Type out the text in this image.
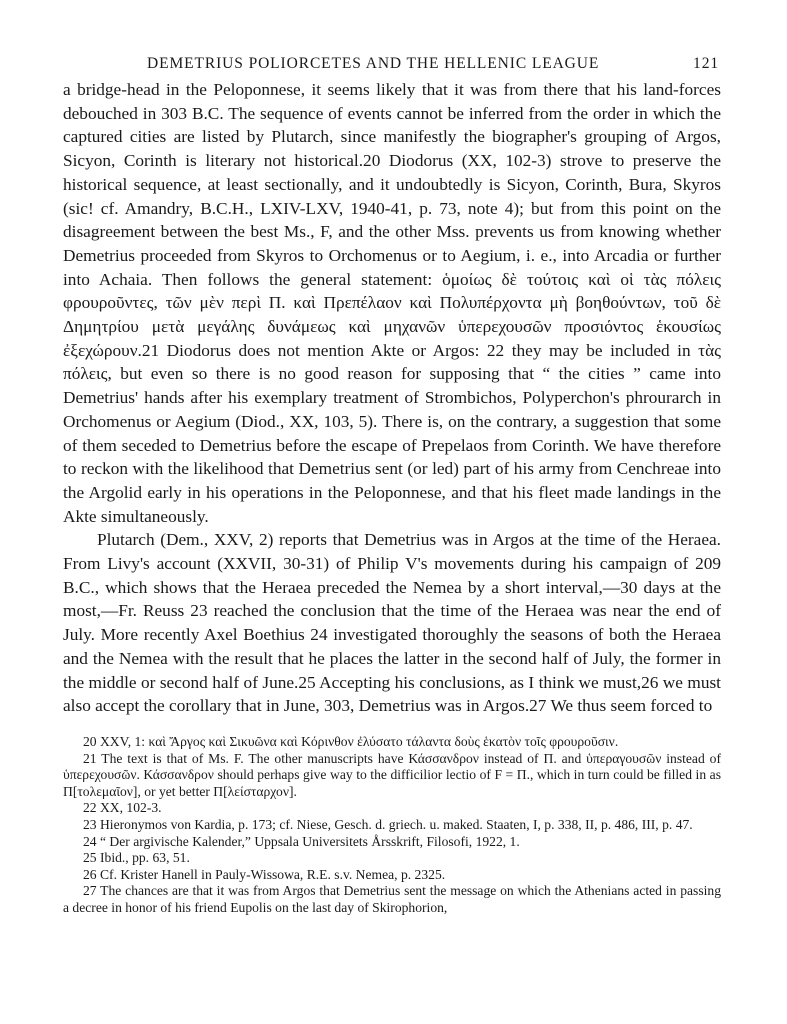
DEMETRIUS POLIORCETES AND THE HELLENIC LEAGUE	121

a bridge-head in the Peloponnese, it seems likely that it was from there that his land-forces debouched in 303 B.C. The sequence of events cannot be inferred from the order in which the captured cities are listed by Plutarch, since manifestly the biographer's grouping of Argos, Sicyon, Corinth is literary not historical.20 Diodorus (XX, 102-3) strove to preserve the historical sequence, at least sectionally, and it undoubtedly is Sicyon, Corinth, Bura, Skyros (sic! cf. Amandry, B.C.H., LXIV-LXV, 1940-41, p. 73, note 4); but from this point on the disagreement between the best Ms., F, and the other Mss. prevents us from knowing whether Demetrius proceeded from Skyros to Orchomenus or to Aegium, i. e., into Arcadia or further into Achaia. Then follows the general statement: ὁμοίως δὲ τούτοις καὶ οἱ τὰς πόλεις φρουροῦντες, τῶν μὲν περὶ Π. καὶ Πρεπέλαον καὶ Πολυπέρχοντα μὴ βοηθούντων, τοῦ δὲ Δημητρίου μετὰ μεγάλης δυνάμεως καὶ μηχανῶν ὑπερεχουσῶν προσιόντος ἑκουσίως ἐξεχώρουν.21 Diodorus does not mention Akte or Argos: 22 they may be included in τὰς πόλεις, but even so there is no good reason for supposing that “ the cities ” came into Demetrius' hands after his exemplary treatment of Strombichos, Polyperchon's phrourarch in Orchomenus or Aegium (Diod., XX, 103, 5). There is, on the contrary, a suggestion that some of them seceded to Demetrius before the escape of Prepelaos from Corinth. We have therefore to reckon with the likelihood that Demetrius sent (or led) part of his army from Cenchreae into the Argolid early in his operations in the Peloponnese, and that his fleet made landings in the Akte simultaneously.

Plutarch (Dem., XXV, 2) reports that Demetrius was in Argos at the time of the Heraea. From Livy's account (XXVII, 30-31) of Philip V's movements during his campaign of 209 B.C., which shows that the Heraea preceded the Nemea by a short interval,—30 days at the most,—Fr. Reuss 23 reached the conclusion that the time of the Heraea was near the end of July. More recently Axel Boethius 24 investigated thoroughly the seasons of both the Heraea and the Nemea with the result that he places the latter in the second half of July, the former in the middle or second half of June.25 Accepting his conclusions, as I think we must,26 we must also accept the corollary that in June, 303, Demetrius was in Argos.27 We thus seem forced to

20 XXV, 1: καὶ Ἄργος καὶ Σικυῶνα καὶ Κόρινθον ἐλύσατο τάλαντα δοὺς ἑκατὸν τοῖς φρουροῦσιν.

21 The text is that of Ms. F. The other manuscripts have Κάσσανδρον instead of Π. and ὑπεραγουσῶν instead of ὑπερεχουσῶν. Κάσσανδρον should perhaps give way to the difficilior lectio of F = Π., which in turn could be filled in as Π[τολεμαῖον], or yet better Π[λείσταρχον].

22 XX, 102-3.

23 Hieronymos von Kardia, p. 173; cf. Niese, Gesch. d. griech. u. maked. Staaten, I, p. 338, II, p. 486, III, p. 47.

24 “ Der argivische Kalender,” Uppsala Universitets Årsskrift, Filosofi, 1922, 1.

25 Ibid., pp. 63, 51.

26 Cf. Krister Hanell in Pauly-Wissowa, R.E. s.v. Nemea, p. 2325.

27 The chances are that it was from Argos that Demetrius sent the message on which the Athenians acted in passing a decree in honor of his friend Eupolis on the last day of Skirophorion,
